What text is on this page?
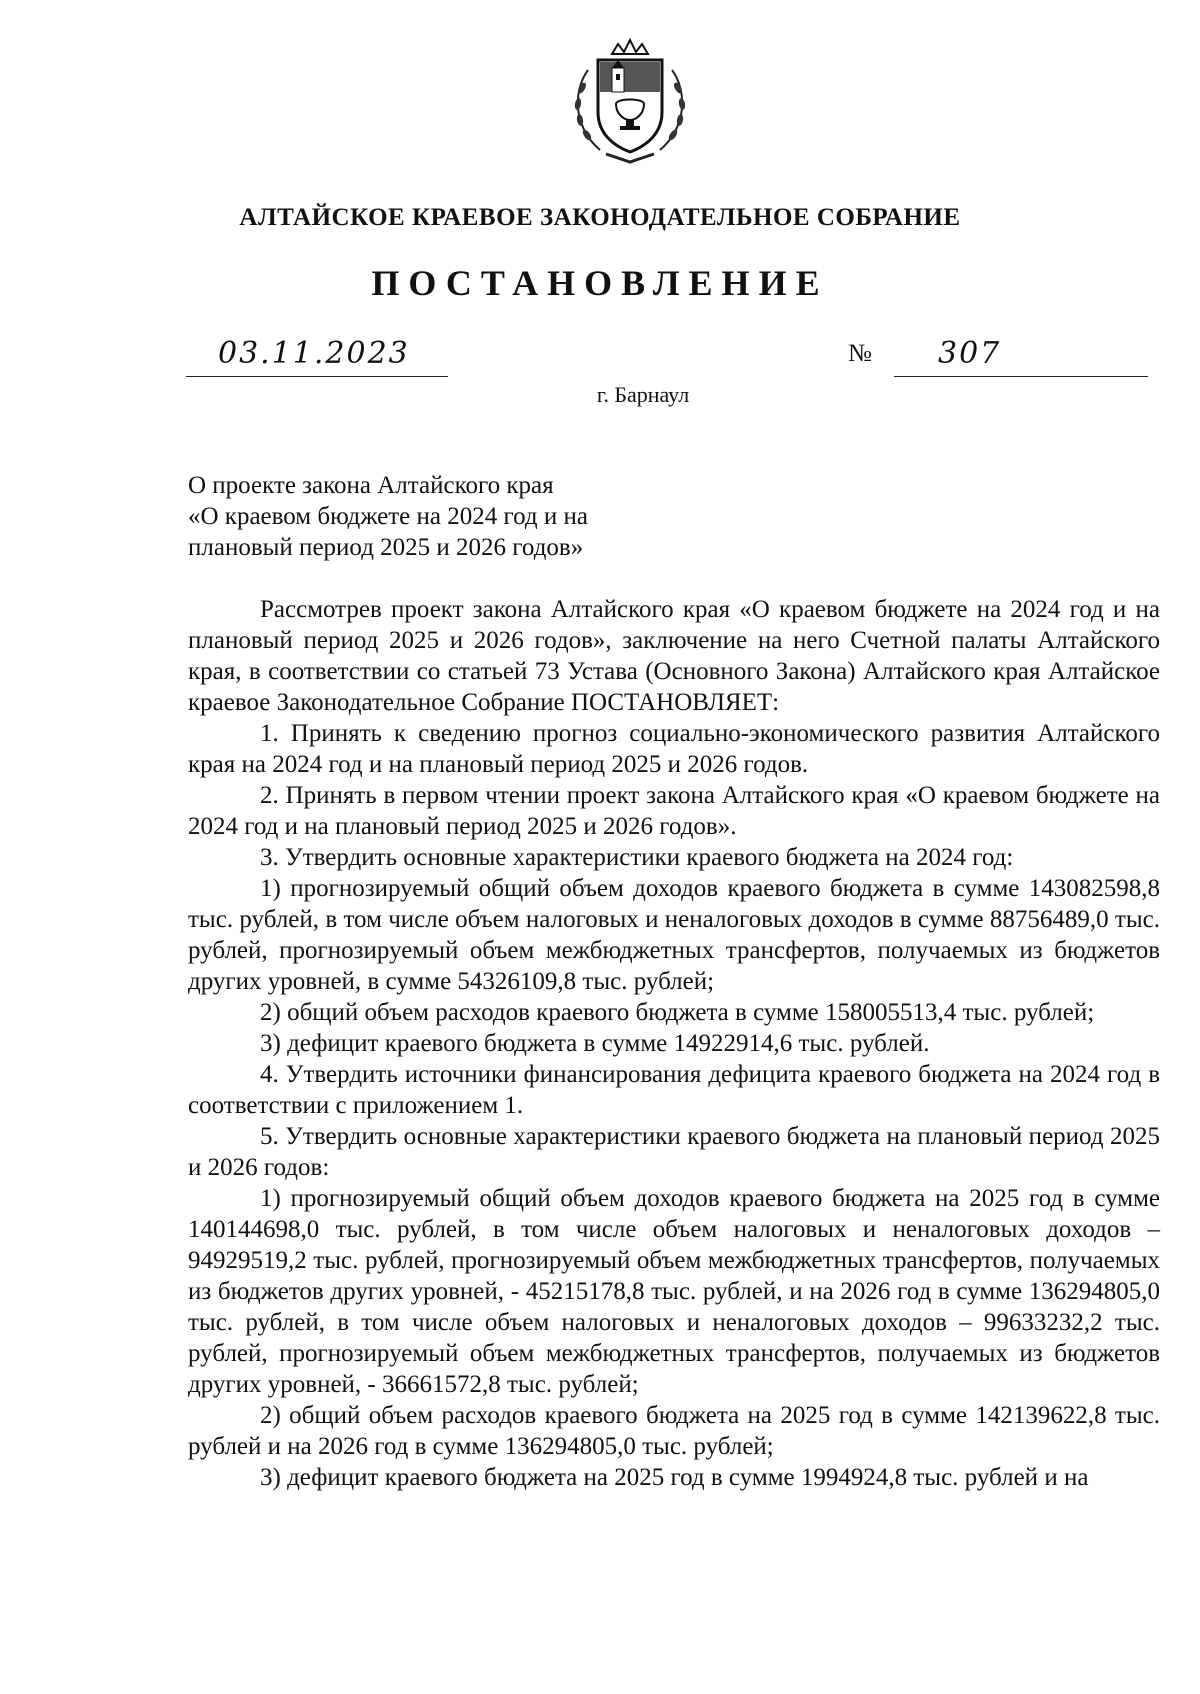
АЛТАЙСКОЕ КРАЕВОЕ ЗАКОНОДАТЕЛЬНОЕ СОБРАНИЕ
ПОСТАНОВЛЕНИЕ
03.11.2023	№	307
г. Барнаул
О проекте закона Алтайского края
«О краевом бюджете на 2024 год и на
плановый период 2025 и 2026 годов»

Рассмотрев проект закона Алтайского края «О краевом бюджете на 2024 год и на плановый период 2025 и 2026 годов», заключение на него Счетной палаты Алтайского края, в соответствии со статьей 73 Устава (Основного Закона) Алтайского края Алтайское краевое Законодательное Собрание ПОСТАНОВЛЯЕТ:

1. Принять к сведению прогноз социально-экономического развития Алтайского края на 2024 год и на плановый период 2025 и 2026 годов.

2. Принять в первом чтении проект закона Алтайского края «О краевом бюджете на 2024 год и на плановый период 2025 и 2026 годов».

3. Утвердить основные характеристики краевого бюджета на 2024 год:

1) прогнозируемый общий объем доходов краевого бюджета в сумме 143082598,8 тыс. рублей, в том числе объем налоговых и неналоговых доходов в сумме 88756489,0 тыс. рублей, прогнозируемый объем межбюджетных трансфертов, получаемых из бюджетов других уровней, в сумме 54326109,8 тыс. рублей;

2) общий объем расходов краевого бюджета в сумме 158005513,4 тыс. рублей;

3) дефицит краевого бюджета в сумме 14922914,6 тыс. рублей.

4. Утвердить источники финансирования дефицита краевого бюджета на 2024 год в соответствии с приложением 1.

5. Утвердить основные характеристики краевого бюджета на плановый период 2025 и 2026 годов:

1) прогнозируемый общий объем доходов краевого бюджета на 2025 год в сумме 140144698,0 тыс. рублей, в том числе объем налоговых и неналоговых доходов – 94929519,2 тыс. рублей, прогнозируемый объем межбюджетных трансфертов, получаемых из бюджетов других уровней, - 45215178,8 тыс. рублей, и на 2026 год в сумме 136294805,0 тыс. рублей, в том числе объем налоговых и неналоговых доходов – 99633232,2 тыс. рублей, прогнозируемый объем межбюджетных трансфертов, получаемых из бюджетов других уровней, - 36661572,8 тыс. рублей;

2) общий объем расходов краевого бюджета на 2025 год в сумме 142139622,8 тыс. рублей и на 2026 год в сумме 136294805,0 тыс. рублей;

3) дефицит краевого бюджета на 2025 год в сумме 1994924,8 тыс. рублей и на
